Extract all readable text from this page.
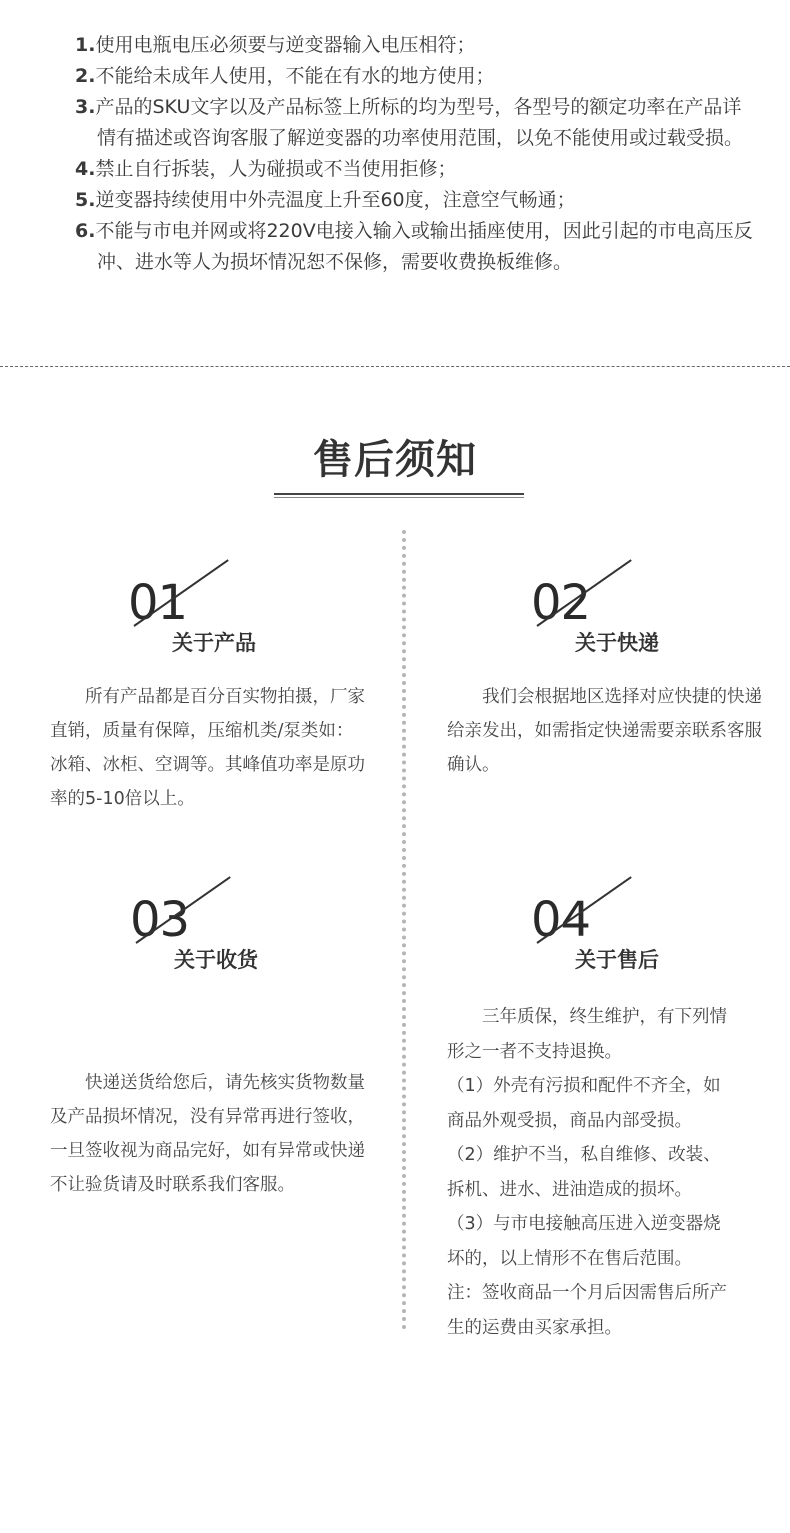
1.使用电瓶电压必须要与逆变器输入电压相符；
2.不能给未成年人使用，不能在有水的地方使用；
3.产品的SKU文字以及产品标签上所标的均为型号，各型号的额定功率在产品详情有描述或咨询客服了解逆变器的功率使用范围，以免不能使用或过载受损。
4.禁止自行拆装，人为碰损或不当使用拒修；
5.逆变器持续使用中外壳温度上升至60度，注意空气畅通；
6.不能与市电并网或将220V电接入输入或输出插座使用，因此引起的市电高压反冲、进水等人为损坏情况恕不保修，需要收费换板维修。
售后须知
01
关于产品
所有产品都是百分百实物拍摄，厂家直销，质量有保障，压缩机类/泵类如：冰箱、冰柜、空调等。其峰值功率是原功率的5-10倍以上。
02
关于快递
我们会根据地区选择对应快捷的快递给亲发出，如需指定快递需要亲联系客服确认。
03
关于收货
快递送货给您后，请先核实货物数量及产品损坏情况，没有异常再进行签收，一旦签收视为商品完好，如有异常或快递不让验货请及时联系我们客服。
04
关于售后
　　三年质保，终生维护，有下列情
形之一者不支持退换。
（1）外壳有污损和配件不齐全，如
商品外观受损，商品内部受损。
（2）维护不当，私自维修、改装、
拆机、进水、进油造成的损坏。
（3）与市电接触高压进入逆变器烧
坏的，以上情形不在售后范围。
注：签收商品一个月后因需售后所产
生的运费由买家承担。
